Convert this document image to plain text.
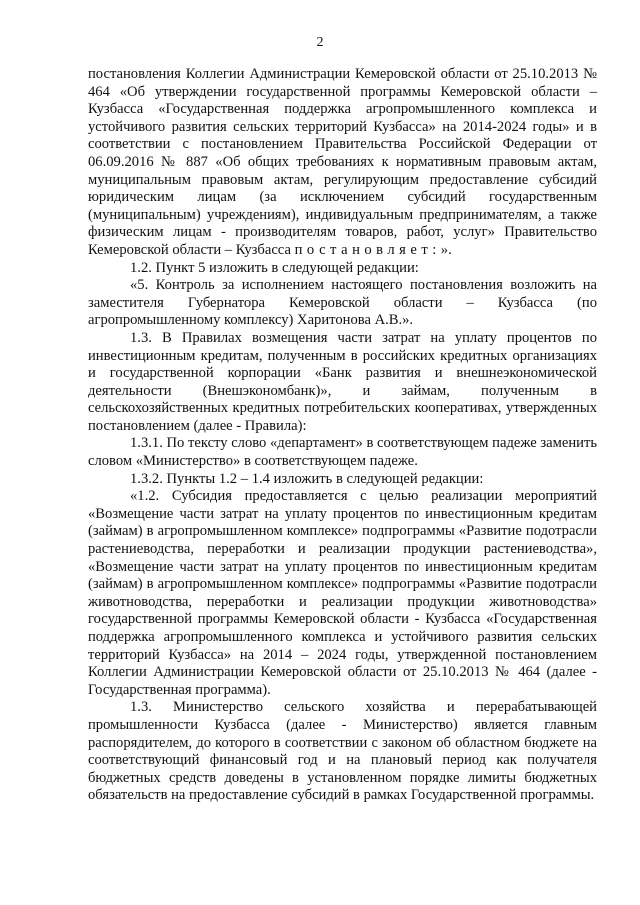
2

постановления Коллегии Администрации Кемеровской области от 25.10.2013 № 464 «Об утверждении государственной программы Кемеровской области – Кузбасса «Государственная поддержка агропромышленного комплекса и устойчивого развития сельских территорий Кузбасса» на 2014-2024 годы» и в соответствии с постановлением Правительства Российской Федерации от 06.09.2016 № 887 «Об общих требованиях к нормативным правовым актам, муниципальным правовым актам, регулирующим предоставление субсидий юридическим лицам (за исключением субсидий государственным (муниципальным) учреждениям), индивидуальным предпринимателям, а также физическим лицам - производителям товаров, работ, услуг» Правительство Кемеровской области – Кузбасса постановляет:».

1.2. Пункт 5 изложить в следующей редакции:

«5. Контроль за исполнением настоящего постановления возложить на заместителя Губернатора Кемеровской области – Кузбасса (по агропромышленному комплексу) Харитонова А.В.».

1.3. В Правилах возмещения части затрат на уплату процентов по инвестиционным кредитам, полученным в российских кредитных организациях и государственной корпорации «Банк развития и внешнеэкономической деятельности (Внешэкономбанк)», и займам, полученным в сельскохозяйственных кредитных потребительских кооперативах, утвержденных постановлением (далее - Правила):

1.3.1. По тексту слово «департамент» в соответствующем падеже заменить словом «Министерство» в соответствующем падеже.

1.3.2. Пункты 1.2 – 1.4 изложить в следующей редакции:

«1.2. Субсидия предоставляется с целью реализации мероприятий «Возмещение части затрат на уплату процентов по инвестиционным кредитам (займам) в агропромышленном комплексе» подпрограммы «Развитие подотрасли растениеводства, переработки и реализации продукции растениеводства», «Возмещение части затрат на уплату процентов по инвестиционным кредитам (займам) в агропромышленном комплексе» подпрограммы «Развитие подотрасли животноводства, переработки и реализации продукции животноводства» государственной программы Кемеровской области - Кузбасса «Государственная поддержка агропромышленного комплекса и устойчивого развития сельских территорий Кузбасса» на 2014 – 2024 годы, утвержденной постановлением Коллегии Администрации Кемеровской области от 25.10.2013 № 464 (далее - Государственная программа).

1.3. Министерство сельского хозяйства и перерабатывающей промышленности Кузбасса (далее - Министерство) является главным распорядителем, до которого в соответствии с законом об областном бюджете на соответствующий финансовый год и на плановый период как получателя бюджетных средств доведены в установленном порядке лимиты бюджетных обязательств на предоставление субсидий в рамках Государственной программы.
